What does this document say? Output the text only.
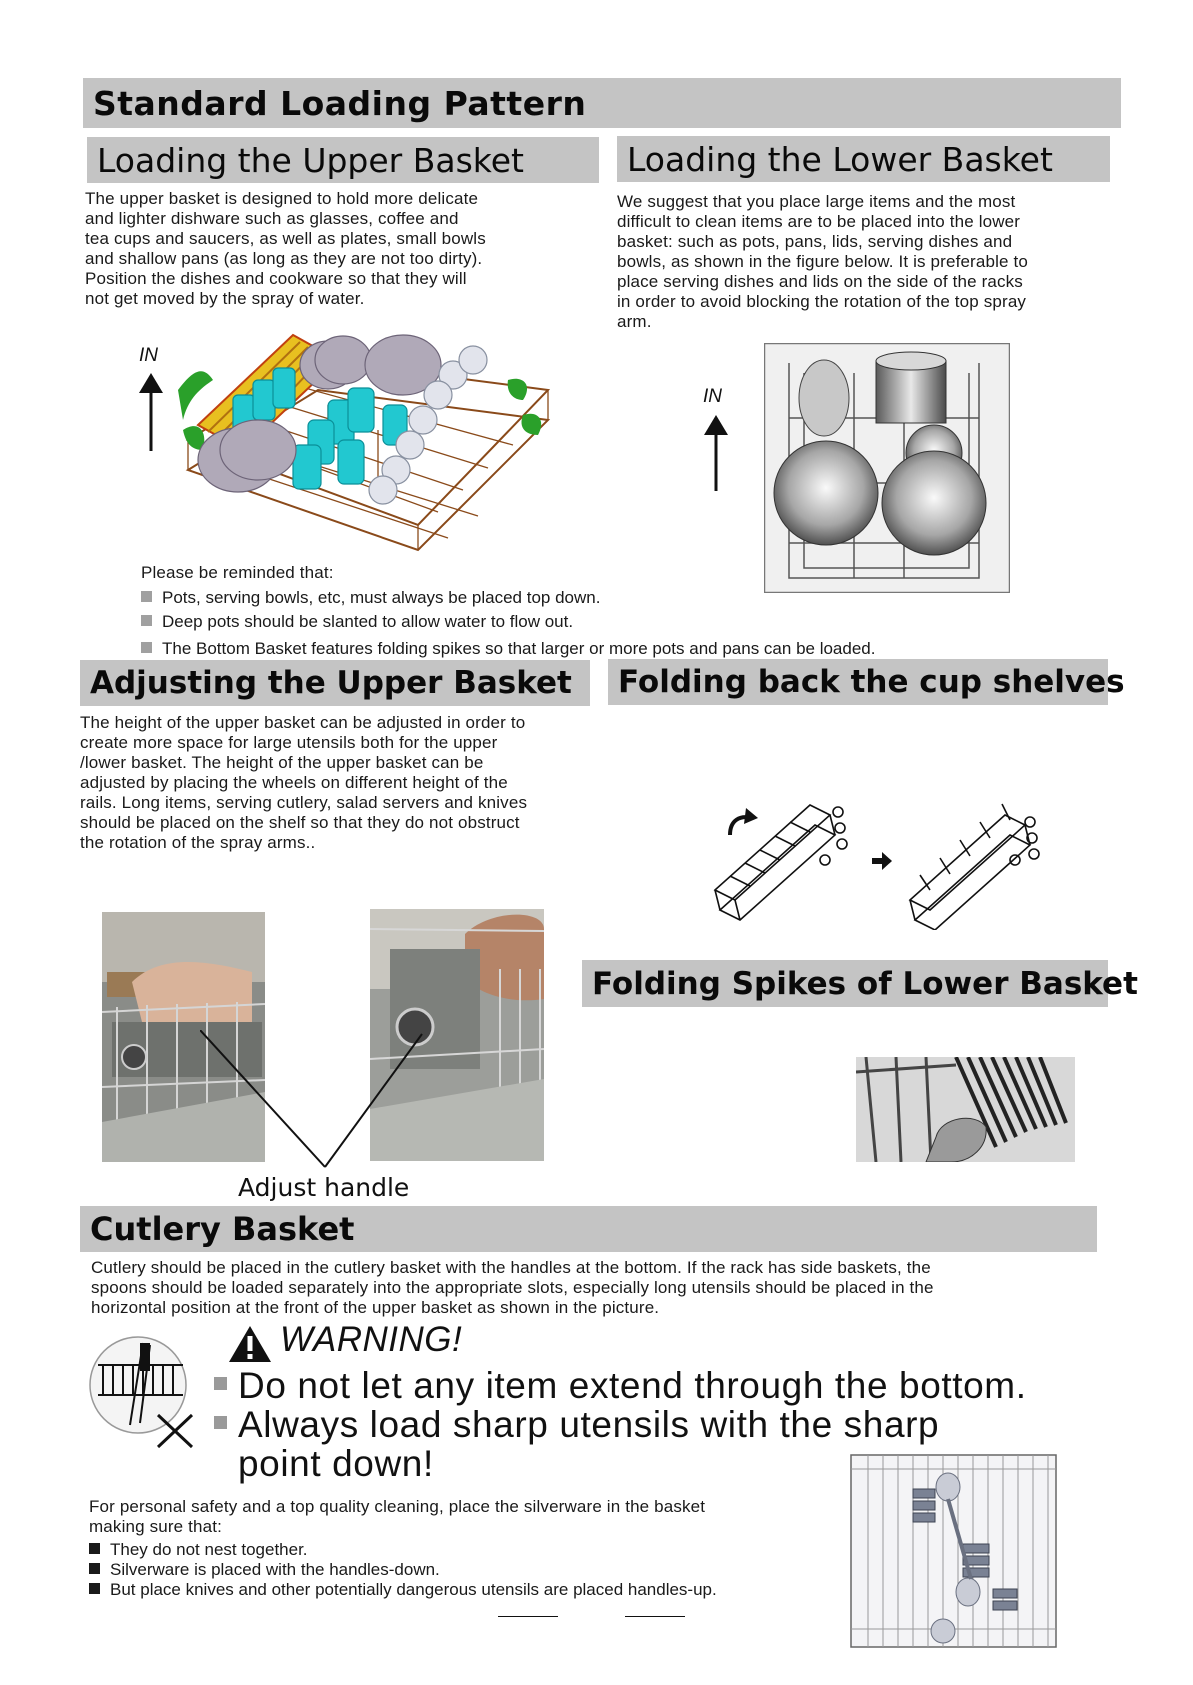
Standard Loading Pattern
Loading the Upper Basket
The upper basket is designed to hold more delicate
and lighter dishware such as glasses, coffee and
tea cups and saucers, as well as plates, small bowls
and shallow pans (as long as they are not too dirty).
Position the dishes and cookware so that they will
not get moved by the spray of water.
IN
Loading the Lower Basket
We suggest that you place large items and the most
difficult to clean items are to be placed into the lower
basket: such as pots, pans, lids, serving dishes and
bowls, as shown in the figure below. It is preferable to
place serving dishes and lids on the side of the racks
in order to avoid blocking the rotation of the top spray
arm.
IN
Please be reminded that:
Pots, serving bowls, etc, must always be placed top down.
Deep pots should be slanted to allow water to flow out.
The Bottom Basket features folding spikes so that larger or more pots and pans can be loaded.
Adjusting the Upper Basket
The height of the upper basket can be adjusted in order to
create more space for large utensils both for the upper
/lower basket. The height of the upper basket can be
adjusted by placing the wheels on different height of the
rails. Long items, serving cutlery, salad servers and knives
should be placed on the shelf so that they do not obstruct
the rotation of the spray arms..
Adjust handle
Folding back the cup shelves
Folding Spikes of Lower Basket
Cutlery Basket
Cutlery should be placed in the cutlery basket with the handles at the bottom. If the rack has side baskets, the
spoons should be loaded separately into the appropriate slots, especially long utensils should be placed in the
horizontal position at the front of the upper basket as shown in the picture.
WARNING!
Do not let any item extend through the bottom.
Always load sharp utensils with the sharp
point down!
For personal safety and a top quality cleaning, place the silverware in the basket
making sure that:
They do not nest together.
Silverware is placed with the handles-down.
But place knives and other potentially dangerous utensils are placed handles-up.
